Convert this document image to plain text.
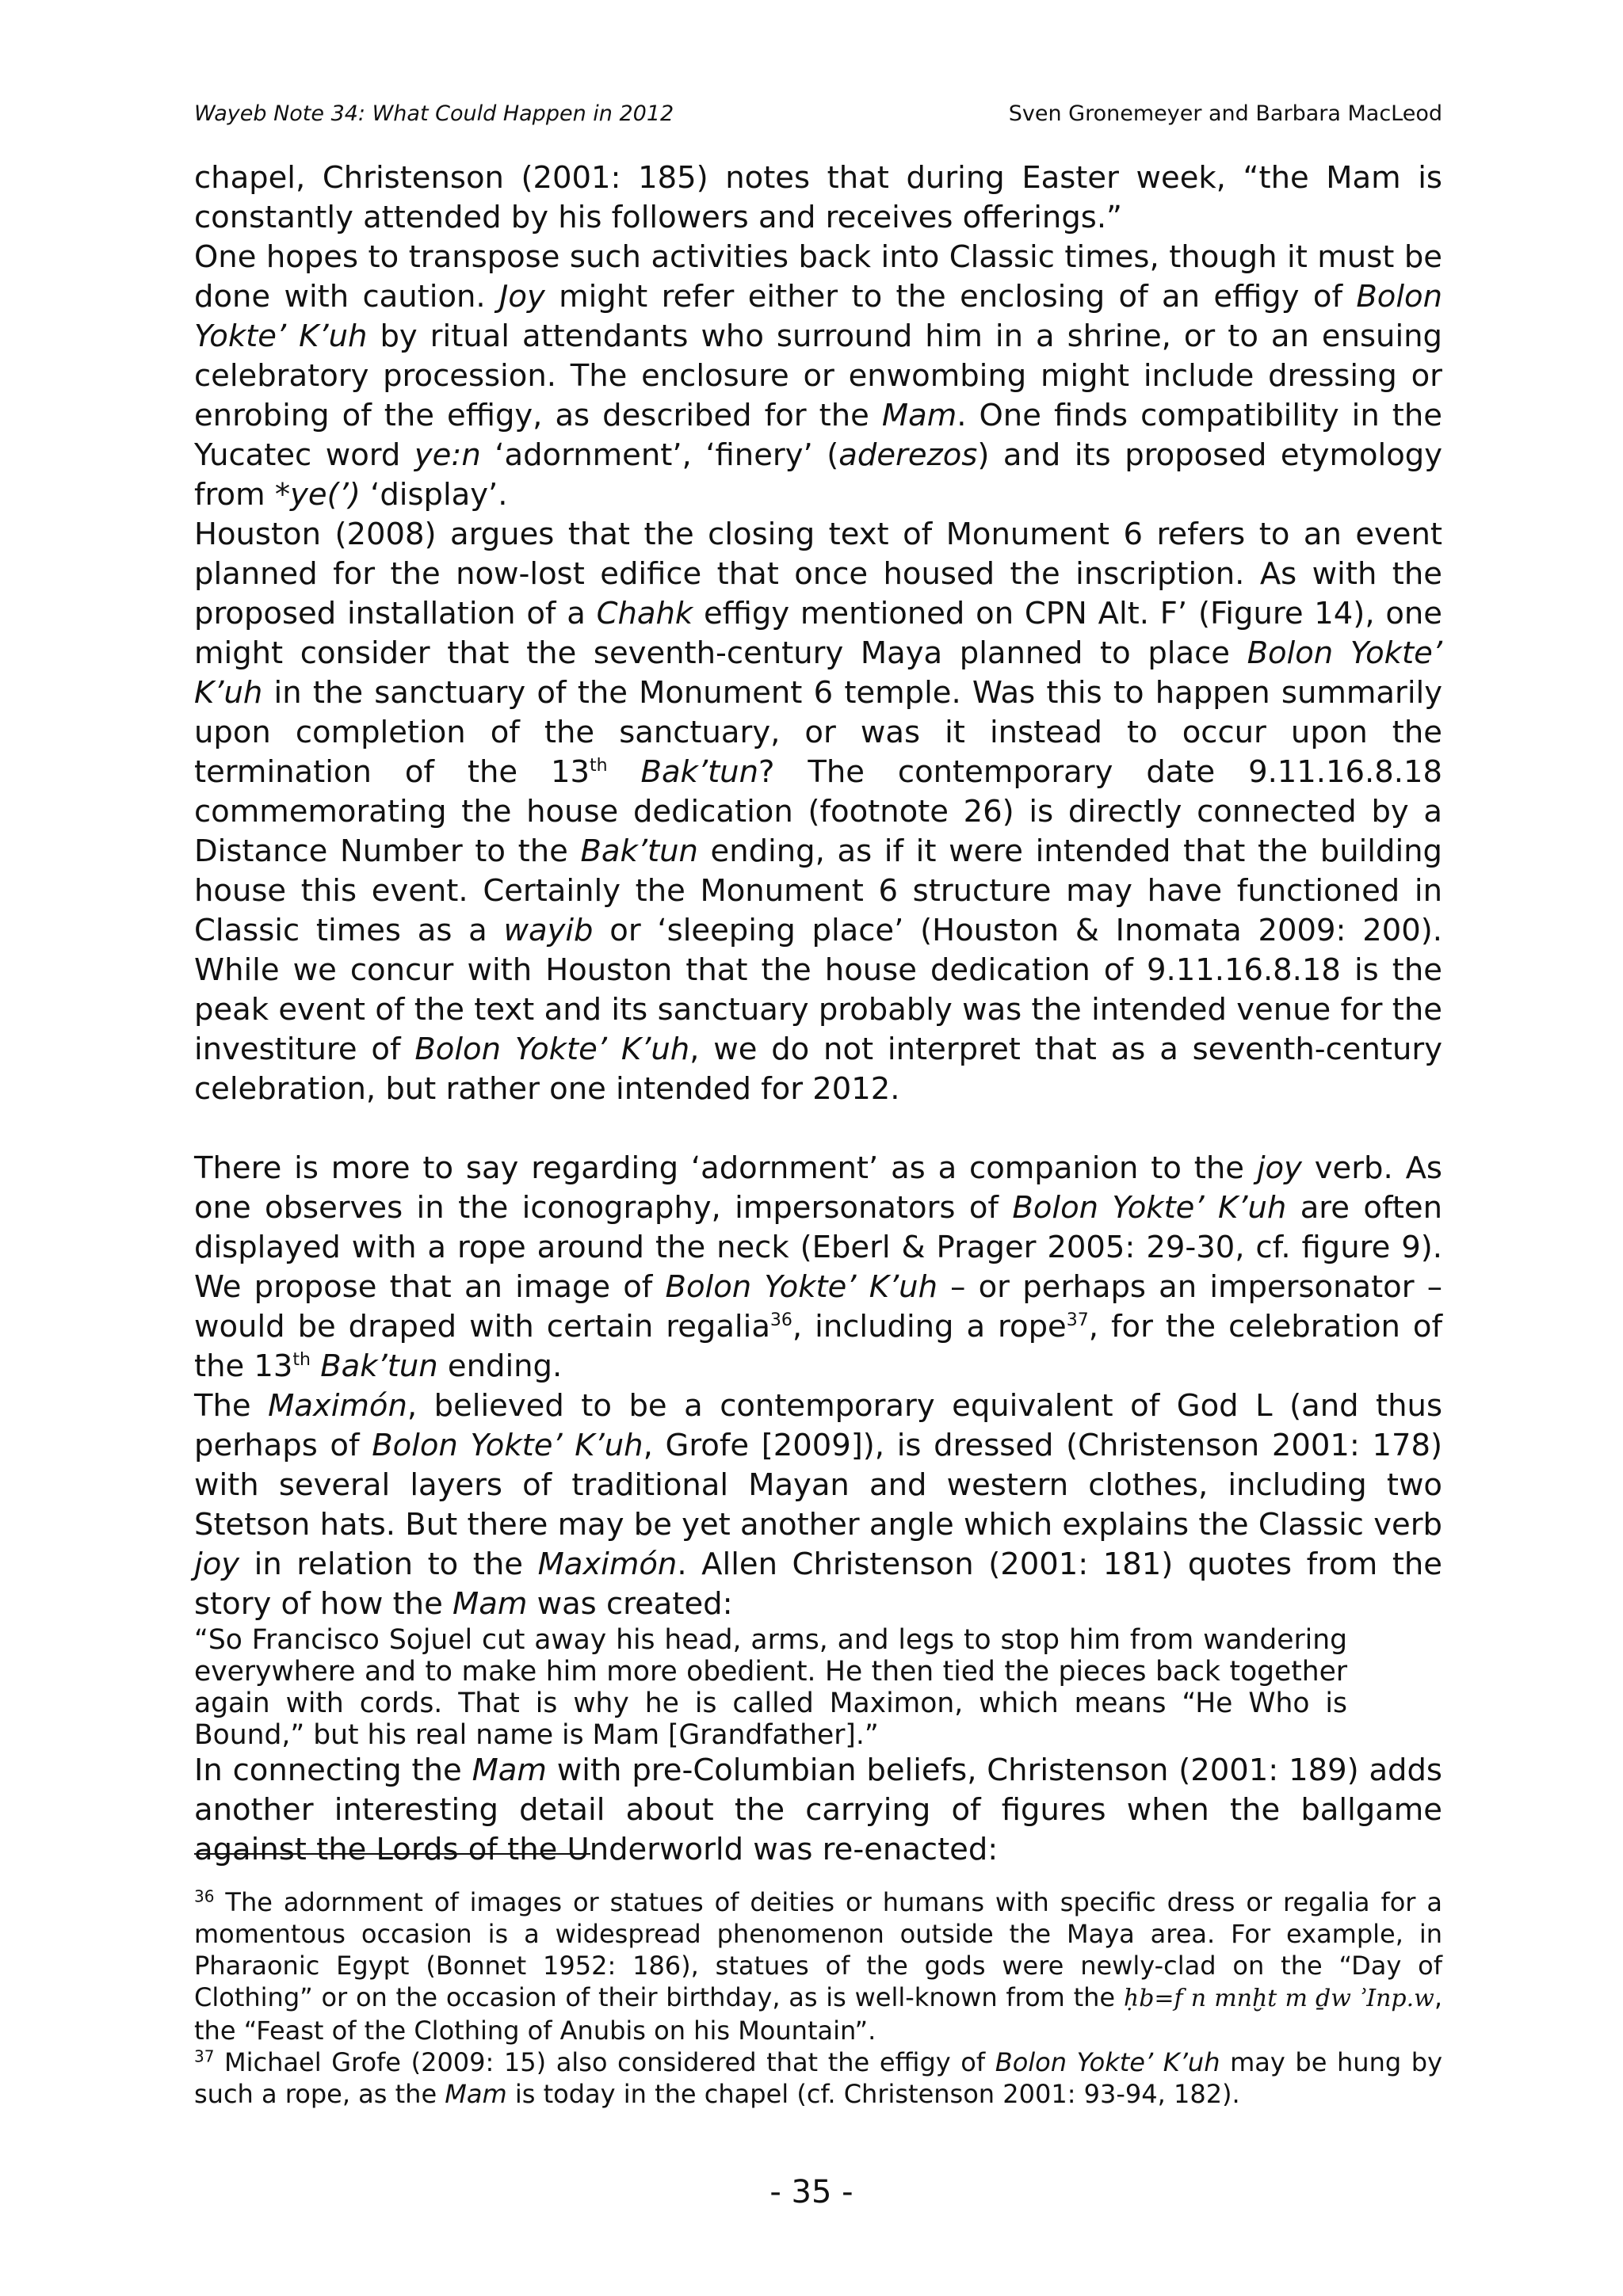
Wayeb Note 34: What Could Happen in 2012	Sven Gronemeyer and Barbara MacLeod

chapel, Christenson (2001: 185) notes that during Easter week, “the Mam is constantly attended by his followers and receives offerings.”

One hopes to transpose such activities back into Classic times, though it must be done with caution. Joy might refer either to the enclosing of an effigy of Bolon Yokte’ K’uh by ritual attendants who surround him in a shrine, or to an ensuing celebratory procession. The enclosure or enwombing might include dressing or enrobing of the effigy, as described for the Mam. One finds compatibility in the Yucatec word ye:n ‘adornment’, ‘finery’ (aderezos) and its proposed etymology from *ye(’) ‘display’.

Houston (2008) argues that the closing text of Monument 6 refers to an event planned for the now-lost edifice that once housed the inscription. As with the proposed installation of a Chahk effigy mentioned on CPN Alt. F’ (Figure 14), one might consider that the seventh-century Maya planned to place Bolon Yokte’ K’uh in the sanctuary of the Monument 6 temple. Was this to happen summarily upon completion of the sanctuary, or was it instead to occur upon the termination of the 13th Bak’tun? The contemporary date 9.11.16.8.18 commemorating the house dedication (footnote 26) is directly connected by a Distance Number to the Bak’tun ending, as if it were intended that the building house this event. Certainly the Monument 6 structure may have functioned in Classic times as a wayib or ‘sleeping place’ (Houston & Inomata 2009: 200). While we concur with Houston that the house dedication of 9.11.16.8.18 is the peak event of the text and its sanctuary probably was the intended venue for the investiture of Bolon Yokte’ K’uh, we do not interpret that as a seventh-century celebration, but rather one intended for 2012.

There is more to say regarding ‘adornment’ as a companion to the joy verb. As one observes in the iconography, impersonators of Bolon Yokte’ K’uh are often displayed with a rope around the neck (Eberl & Prager 2005: 29-30, cf. figure 9). We propose that an image of Bolon Yokte’ K’uh – or perhaps an impersonator – would be draped with certain regalia$^{36}$, including a rope$^{37}$, for the celebration of the 13th Bak’tun ending.

The Maximón, believed to be a contemporary equivalent of God L (and thus perhaps of Bolon Yokte’ K’uh, Grofe [2009]), is dressed (Christenson 2001: 178) with several layers of traditional Mayan and western clothes, including two Stetson hats. But there may be yet another angle which explains the Classic verb joy in relation to the Maximón. Allen Christenson (2001: 181) quotes from the story of how the Mam was created:

“So Francisco Sojuel cut away his head, arms, and legs to stop him from wandering everywhere and to make him more obedient. He then tied the pieces back together again with cords. That is why he is called Maximon, which means “He Who is Bound,” but his real name is Mam [Grandfather].”

In connecting the Mam with pre-Columbian beliefs, Christenson (2001: 189) adds another interesting detail about the carrying of figures when the ballgame against the Lords of the Underworld was re-enacted:

$^{36}$ The adornment of images or statues of deities or humans with specific dress or regalia for a momentous occasion is a widespread phenomenon outside the Maya area. For example, in Pharaonic Egypt (Bonnet 1952: 186), statues of the gods were newly-clad on the “Day of Clothing” or on the occasion of their birthday, as is well-known from the ḥb=f n mnḫt m ḏw ʾInp.w, the “Feast of the Clothing of Anubis on his Mountain”.

$^{37}$ Michael Grofe (2009: 15) also considered that the effigy of Bolon Yokte’ K’uh may be hung by such a rope, as the Mam is today in the chapel (cf. Christenson 2001: 93-94, 182).

- 35 -
